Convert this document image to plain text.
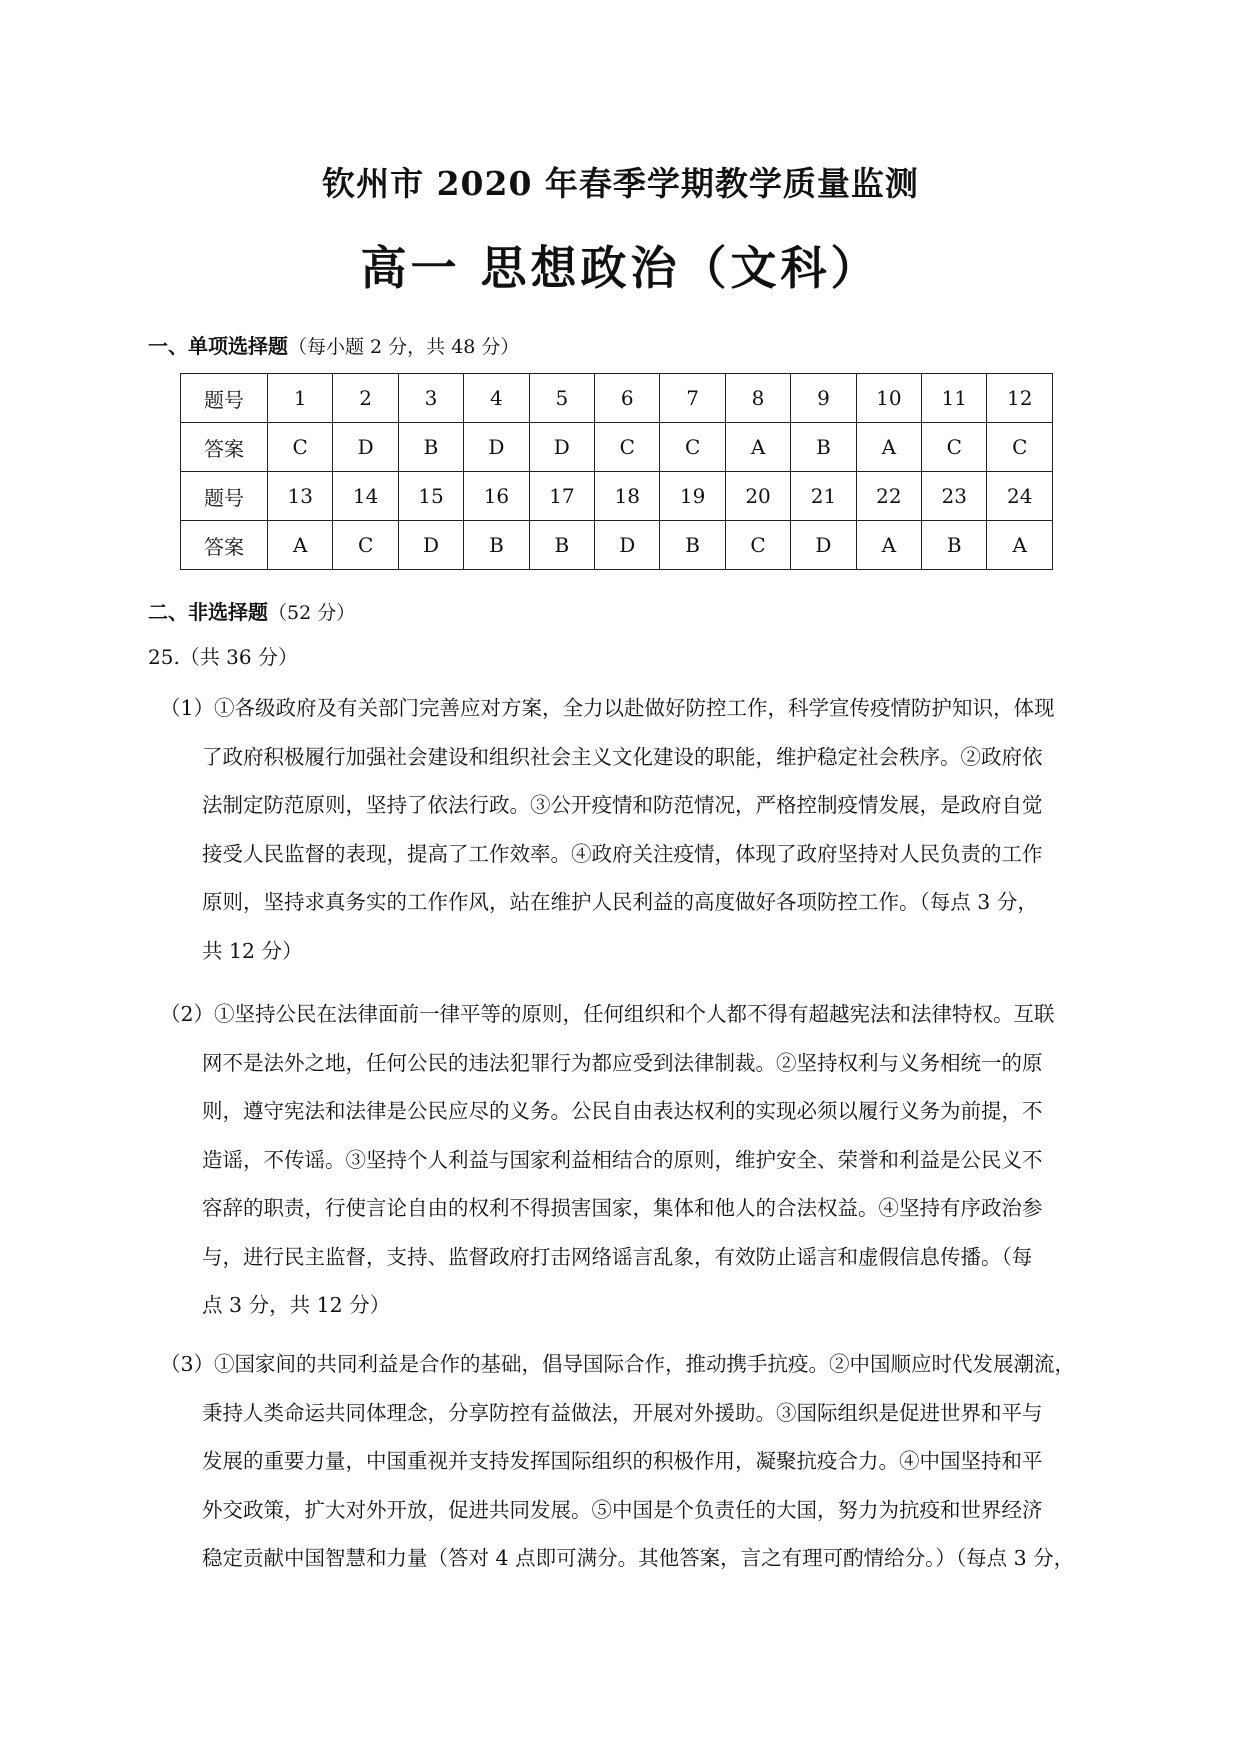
钦州市 2020 年春季学期教学质量监测
高一 思想政治（文科）
一、单项选择题（每小题 2 分，共 48 分）
题号	1	2	3	4	5	6	7	8	9	10	11	12
答案	C	D	B	D	D	C	C	A	B	A	C	C
题号	13	14	15	16	17	18	19	20	21	22	23	24
答案	A	C	D	B	B	D	B	C	D	A	B	A
二、非选择题（52 分）
25.（共 36 分）
（1）①各级政府及有关部门完善应对方案，全力以赴做好防控工作，科学宣传疫情防护知识，体现
了政府积极履行加强社会建设和组织社会主义文化建设的职能，维护稳定社会秩序。②政府依
法制定防范原则，坚持了依法行政。③公开疫情和防范情况，严格控制疫情发展，是政府自觉
接受人民监督的表现，提高了工作效率。④政府关注疫情，体现了政府坚持对人民负责的工作
原则，坚持求真务实的工作作风，站在维护人民利益的高度做好各项防控工作。（每点 3 分，
共 12 分）
（2）①坚持公民在法律面前一律平等的原则，任何组织和个人都不得有超越宪法和法律特权。互联
网不是法外之地，任何公民的违法犯罪行为都应受到法律制裁。②坚持权利与义务相统一的原
则，遵守宪法和法律是公民应尽的义务。公民自由表达权利的实现必须以履行义务为前提，不
造谣，不传谣。③坚持个人利益与国家利益相结合的原则，维护安全、荣誉和利益是公民义不
容辞的职责，行使言论自由的权利不得损害国家，集体和他人的合法权益。④坚持有序政治参
与，进行民主监督，支持、监督政府打击网络谣言乱象，有效防止谣言和虚假信息传播。（每
点 3 分，共 12 分）
（3）①国家间的共同利益是合作的基础，倡导国际合作，推动携手抗疫。②中国顺应时代发展潮流，
秉持人类命运共同体理念，分享防控有益做法，开展对外援助。③国际组织是促进世界和平与
发展的重要力量，中国重视并支持发挥国际组织的积极作用，凝聚抗疫合力。④中国坚持和平
外交政策，扩大对外开放，促进共同发展。⑤中国是个负责任的大国，努力为抗疫和世界经济
稳定贡献中国智慧和力量（答对 4 点即可满分。其他答案，言之有理可酌情给分。）（每点 3 分，
